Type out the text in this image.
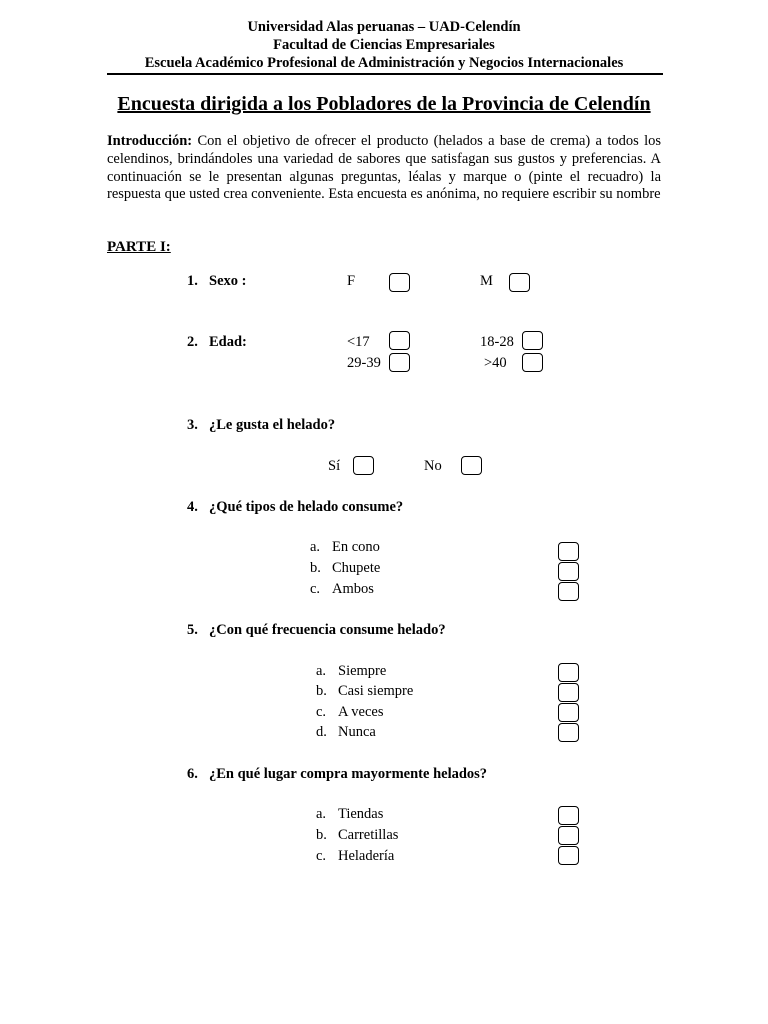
Universidad Alas peruanas – UAD-Celendín
Facultad de Ciencias Empresariales
Escuela Académico Profesional de Administración y Negocios Internacionales
Encuesta dirigida a los Pobladores de la Provincia de Celendín
Introducción: Con el objetivo de ofrecer el producto (helados a base de crema) a todos los celendinos, brindándoles una variedad de sabores que satisfagan sus gustos y preferencias. A continuación se le presentan algunas preguntas, léalas y marque o (pinte el recuadro) la respuesta que usted crea conveniente. Esta encuesta es anónima, no requiere escribir su nombre
PARTE I:
1. Sexo :	F	M
2. Edad:	<17	18-28
29-39	>40
3. ¿Le gusta el helado?
Sí	No
4. ¿Qué tipos de helado consume?
a. En cono
b. Chupete
c. Ambos
5. ¿Con qué frecuencia consume helado?
a. Siempre
b. Casi siempre
c. A veces
d. Nunca
6. ¿En qué lugar compra mayormente helados?
a. Tiendas
b. Carretillas
c. Heladería
